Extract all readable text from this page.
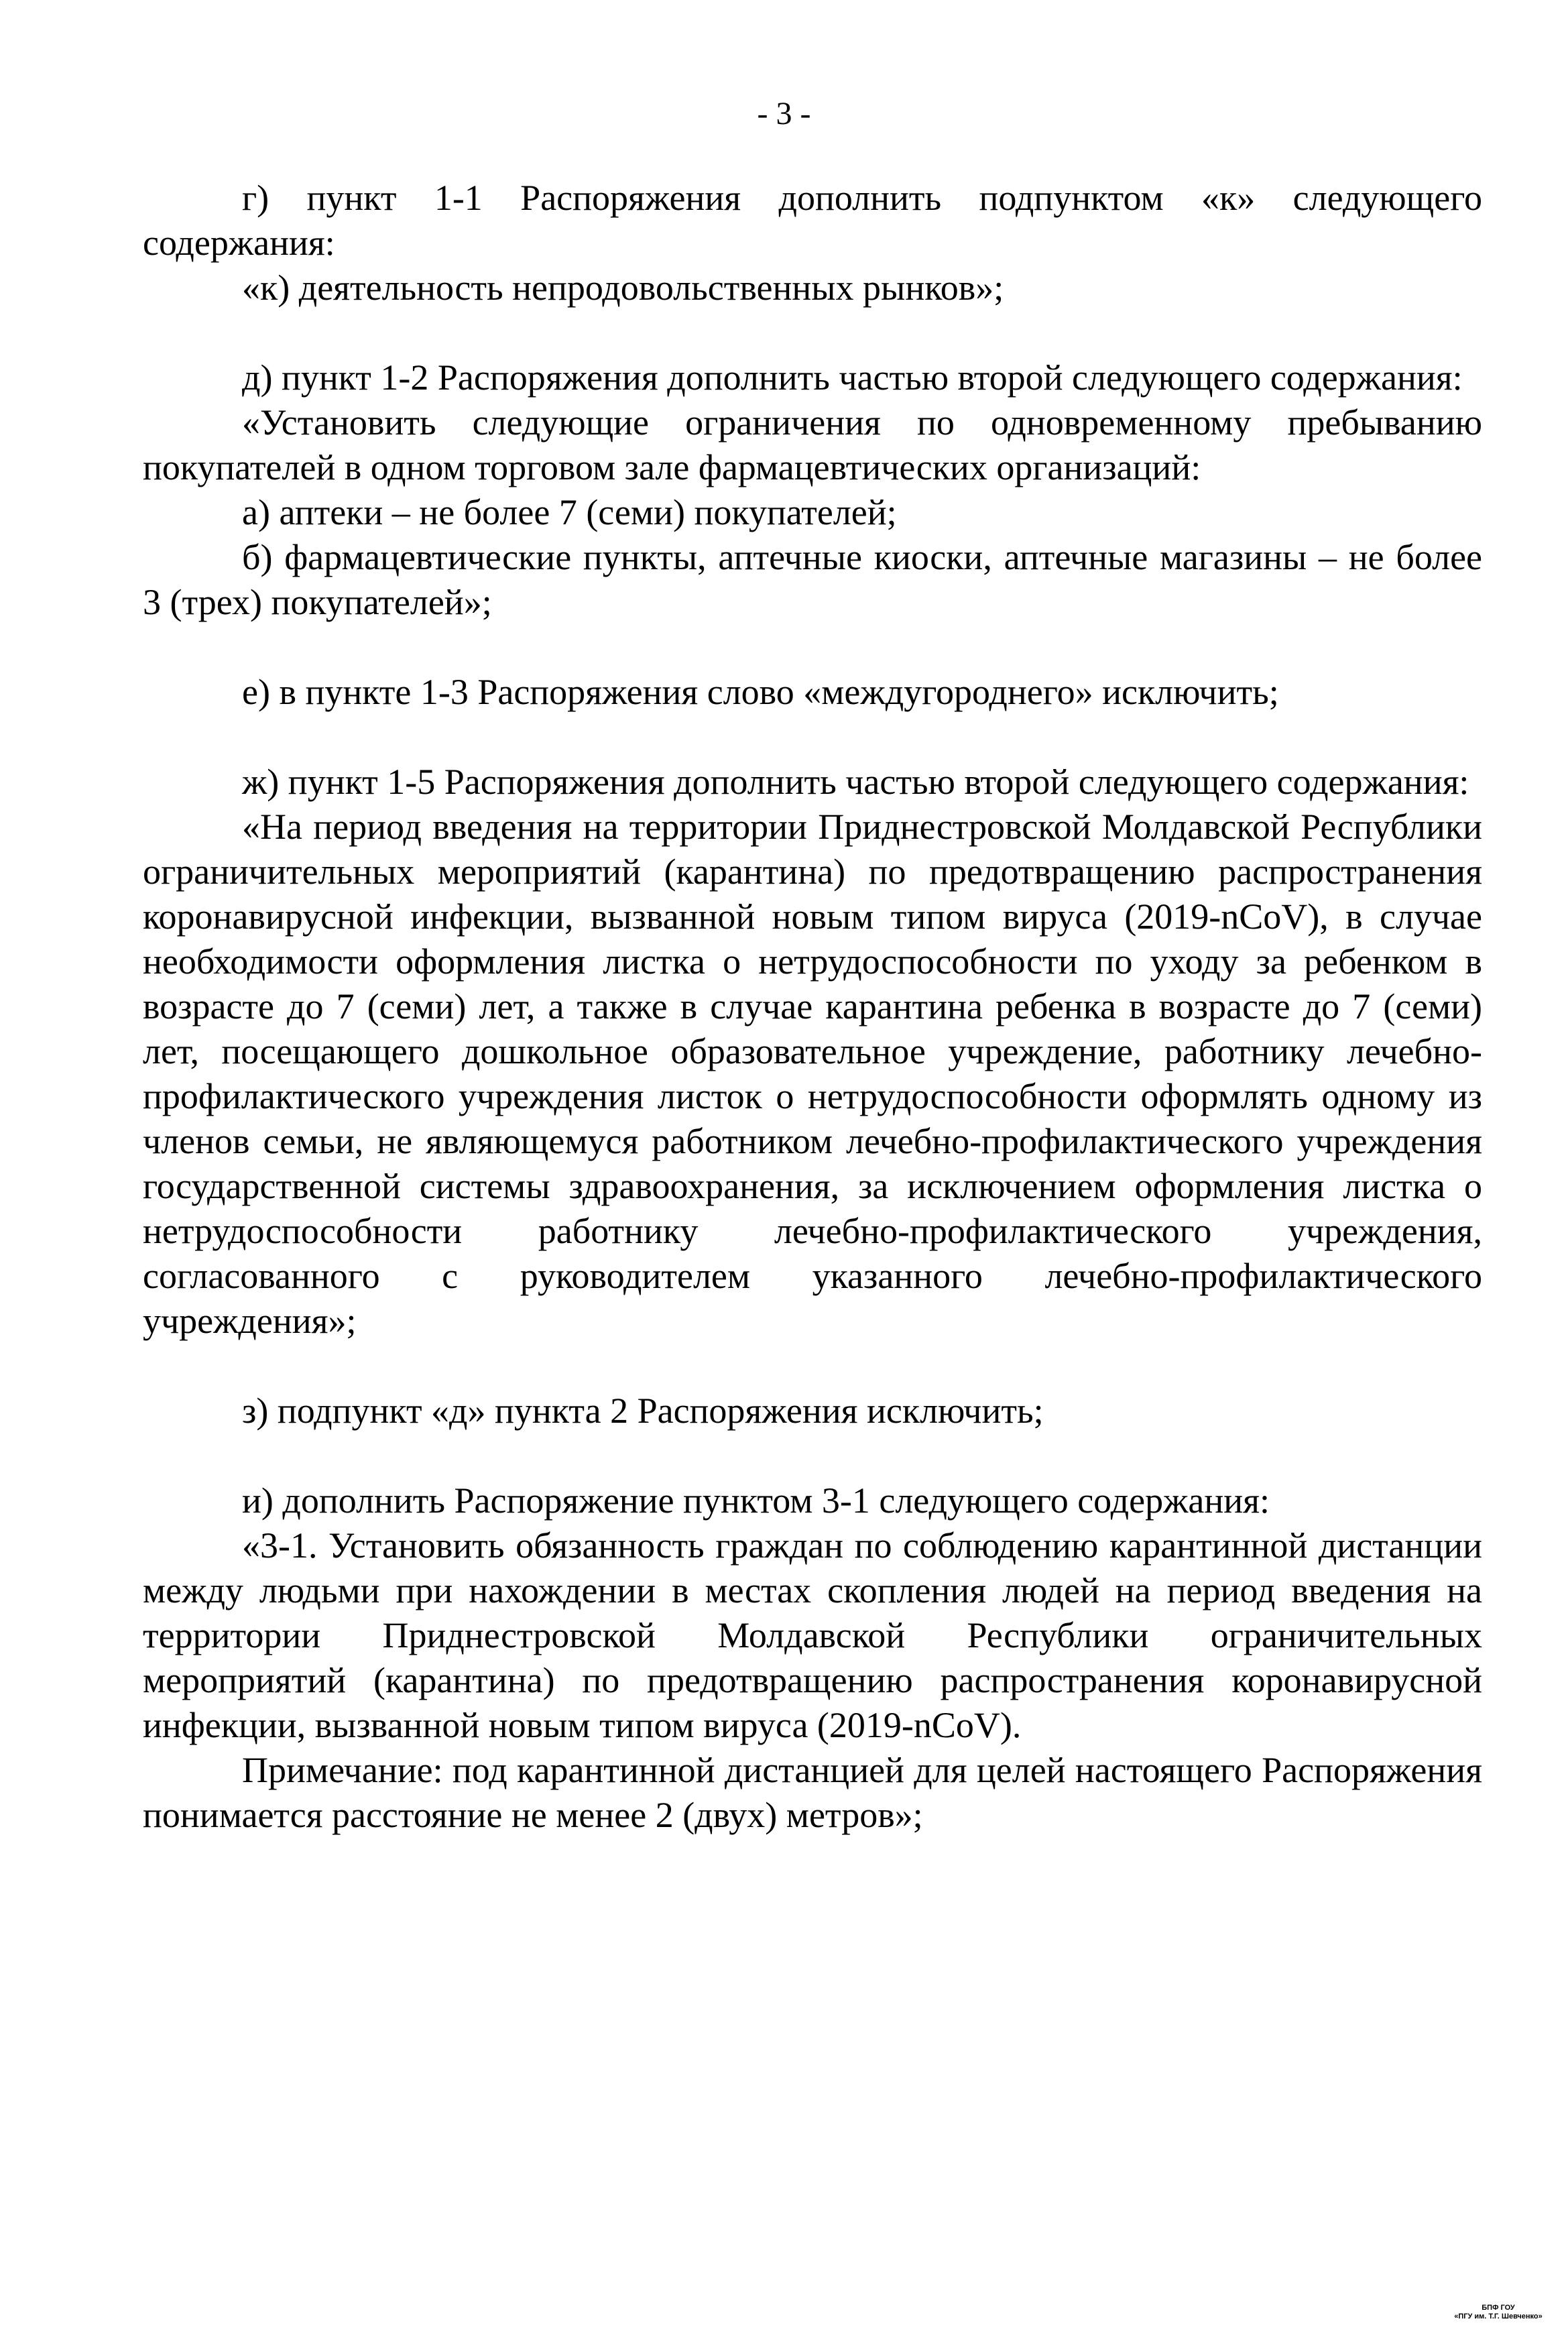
- 3 -

г) пункт 1-1 Распоряжения дополнить подпунктом «к» следующего содержания:

«к) деятельность непродовольственных рынков»;

д) пункт 1-2 Распоряжения дополнить частью второй следующего содержания:

«Установить следующие ограничения по одновременному пребыванию покупателей в одном торговом зале фармацевтических организаций:

а) аптеки – не более 7 (семи) покупателей;

б) фармацевтические пункты, аптечные киоски, аптечные магазины – не более 3 (трех) покупателей»;

е) в пункте 1-3 Распоряжения слово «междугороднего» исключить;

ж) пункт 1-5 Распоряжения дополнить частью второй следующего содержания:

«На период введения на территории Приднестровской Молдавской Республики ограничительных мероприятий (карантина) по предотвращению распространения коронавирусной инфекции, вызванной новым типом вируса (2019-nCoV), в случае необходимости оформления листка о нетрудоспособности по уходу за ребенком в возрасте до 7 (семи) лет, а также в случае карантина ребенка в возрасте до 7 (семи) лет, посещающего дошкольное образовательное учреждение, работнику лечебно-профилактического учреждения листок о нетрудоспособности оформлять одному из членов семьи, не являющемуся работником лечебно-профилактического учреждения государственной системы здравоохранения, за исключением оформления листка о нетрудоспособности работнику лечебно-профилактического учреждения, согласованного с руководителем указанного лечебно-профилактического учреждения»;

з) подпункт «д» пункта 2 Распоряжения исключить;

и) дополнить Распоряжение пунктом 3-1 следующего содержания:

«3-1. Установить обязанность граждан по соблюдению карантинной дистанции между людьми при нахождении в местах скопления людей на период введения на территории Приднестровской Молдавской Республики ограничительных мероприятий (карантина) по предотвращению распространения коронавирусной инфекции, вызванной новым типом вируса (2019-nCoV).

Примечание: под карантинной дистанцией для целей настоящего Распоряжения понимается расстояние не менее 2 (двух) метров»;

БПФ ГОУ
«ПГУ им. Т.Г. Шевченко»
